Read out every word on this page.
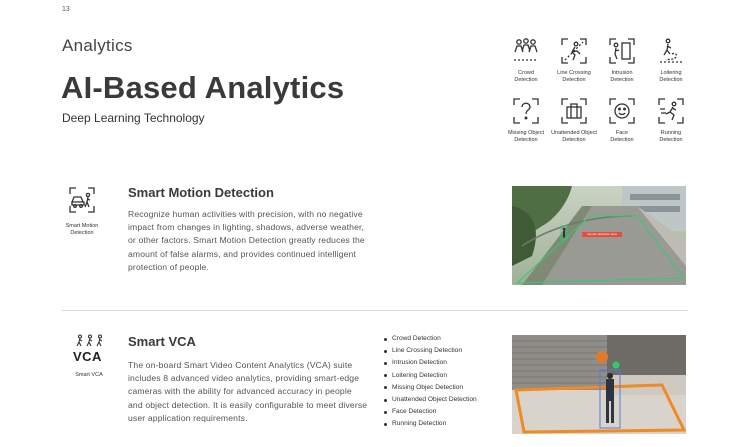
13
Analytics
AI-Based Analytics
Deep Learning Technology
Crowd
Detection
Line Crossing
Detection
Intrusion
Detection
Loitering
Detection
Missing Object
Detection
Unattended Object
Detection
Face
Detection
Running
Detection
Smart Motion
Detection
Smart Motion Detection
Recognize human activities with precision, with no negative impact from changes in lighting, shadows, adverse weather, or other factors. Smart Motion Detection greatly reduces the amount of false alarms, and provides continued intelligent protection of people.
Human detection area
VCA
Smart VCA
Smart VCA
The on-board Smart Video Content Analytics (VCA) suite includes 8 advanced video analytics, providing smart-edge cameras with the ability for advanced accuracy in people and object detection. It is easily configurable to meet diverse user application requirements.
Crowd Detection
Line Crossing Detection
Intrusion Detection
Loitering Detection
Missing Objec Detection
Unattended Object Detection
Face Detection
Running Detection
